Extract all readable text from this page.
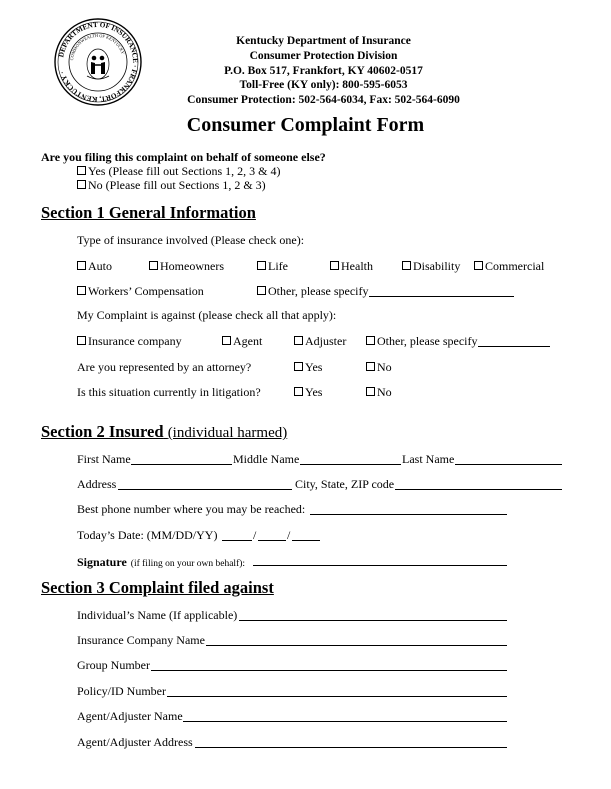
DEPARTMENT OF INSURANCE · FRANKFORT, KENTUCKY ·
COMMONWEALTH OF KENTUCKY
Kentucky Department of Insurance
Consumer Protection Division
P.O. Box 517, Frankfort, KY 40602-0517
Toll-Free (KY only): 800-595-6053
Consumer Protection: 502-564-6034, Fax: 502-564-6090
Consumer Complaint Form
Are you filing this complaint on behalf of someone else?
Yes (Please fill out Sections 1, 2, 3 & 4)
No (Please fill out Sections 1, 2 & 3)
Section 1 General Information
Type of insurance involved (Please check one):
Auto	Homeowners	Life	Health	Disability	Commercial
Workers’ Compensation	Other, please specify
My Complaint is against (please check all that apply):
Insurance company	Agent	Adjuster	Other, please specify
Are you represented by an attorney?	Yes	No
Is this situation currently in litigation?	Yes	No
Section 2 Insured (individual harmed)
First Name	Middle Name	Last Name
Address	City, State, ZIP code
Best phone number where you may be reached:
Today’s Date: (MM/DD/YY)	/	/
Signature (if filing on your own behalf):
Section 3 Complaint filed against
Individual’s Name (If applicable)
Insurance Company Name
Group Number
Policy/ID Number
Agent/Adjuster Name
Agent/Adjuster Address
